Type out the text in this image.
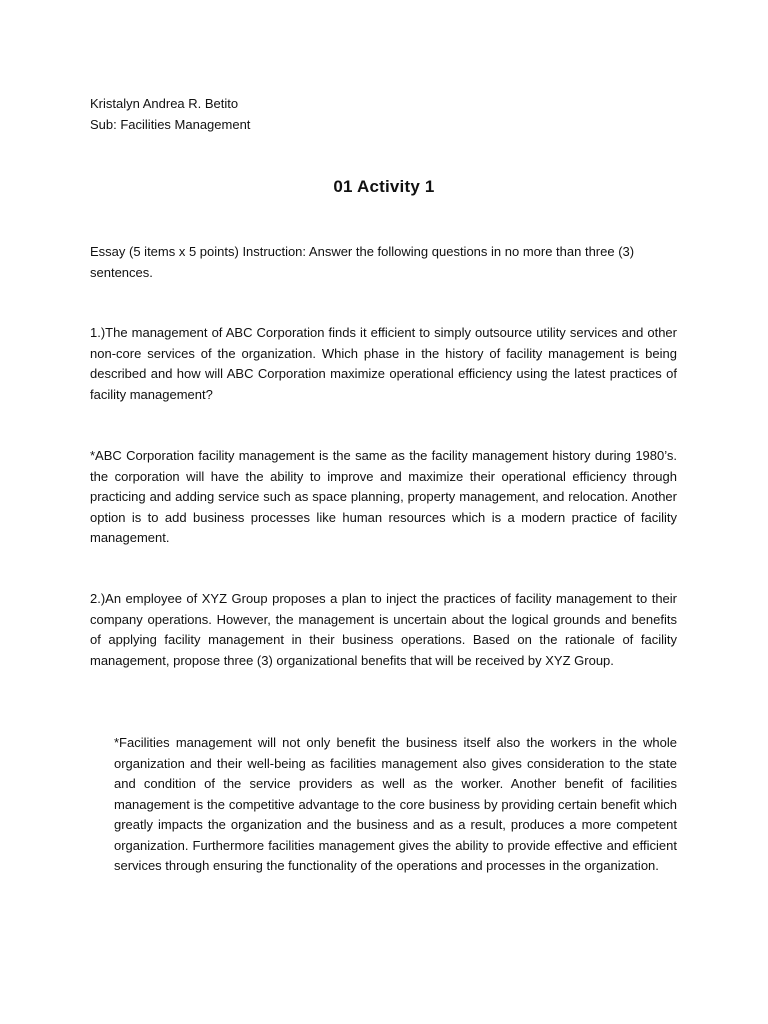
Kristalyn Andrea R. Betito
Sub: Facilities Management
01 Activity 1

Essay (5 items x 5 points) Instruction: Answer the following questions in no more than three (3) sentences.

1.)The management of ABC Corporation finds it efficient to simply outsource utility services and other non-core services of the organization. Which phase in the history of facility management is being described and how will ABC Corporation maximize operational efficiency using the latest practices of facility management?

*ABC Corporation facility management is the same as the facility management history during 1980’s. the corporation will have the ability to improve and maximize their operational efficiency through practicing and adding service such as space planning, property management, and relocation. Another option is to add business processes like human resources which is a modern practice of facility management.

2.)An employee of XYZ Group proposes a plan to inject the practices of facility management to their company operations. However, the management is uncertain about the logical grounds and benefits of applying facility management in their business operations. Based on the rationale of facility management, propose three (3) organizational benefits that will be received by XYZ Group.

*Facilities management will not only benefit the business itself also the workers in the whole organization and their well-being as facilities management also gives consideration to the state and condition of the service providers as well as the worker. Another benefit of facilities management is the competitive advantage to the core business by providing certain benefit which greatly impacts the organization and the business and as a result, produces a more competent organization. Furthermore facilities management gives the ability to provide effective and efficient services through ensuring the functionality of the operations and processes in the organization.
